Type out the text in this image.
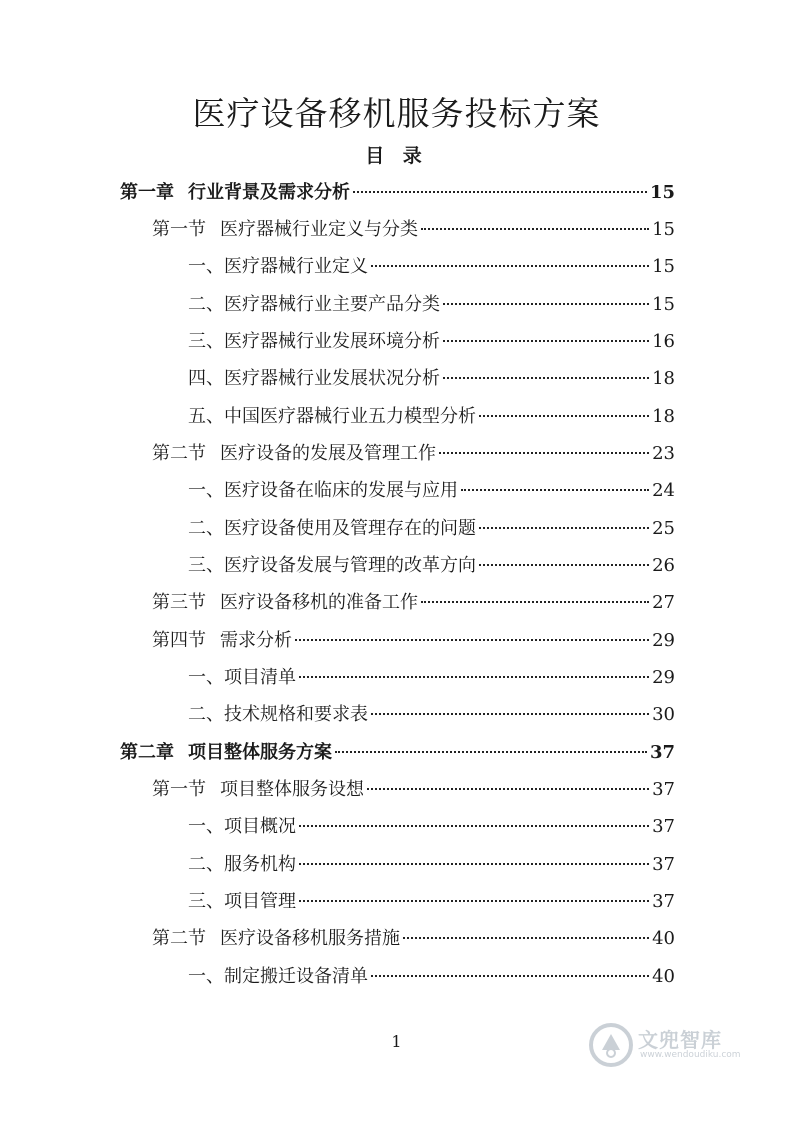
医疗设备移机服务投标方案
目 录
第一章 行业背景及需求分析	15
第一节 医疗器械行业定义与分类	15
一、医疗器械行业定义	15
二、医疗器械行业主要产品分类	15
三、医疗器械行业发展环境分析	16
四、医疗器械行业发展状况分析	18
五、中国医疗器械行业五力模型分析	18
第二节 医疗设备的发展及管理工作	23
一、医疗设备在临床的发展与应用	24
二、医疗设备使用及管理存在的问题	25
三、医疗设备发展与管理的改革方向	26
第三节 医疗设备移机的准备工作	27
第四节 需求分析	29
一、项目清单	29
二、技术规格和要求表	30
第二章 项目整体服务方案	37
第一节 项目整体服务设想	37
一、项目概况	37
二、服务机构	37
三、项目管理	37
第二节 医疗设备移机服务措施	40
一、制定搬迁设备清单	40
1	文兜智库
www.wendoudiku.com
